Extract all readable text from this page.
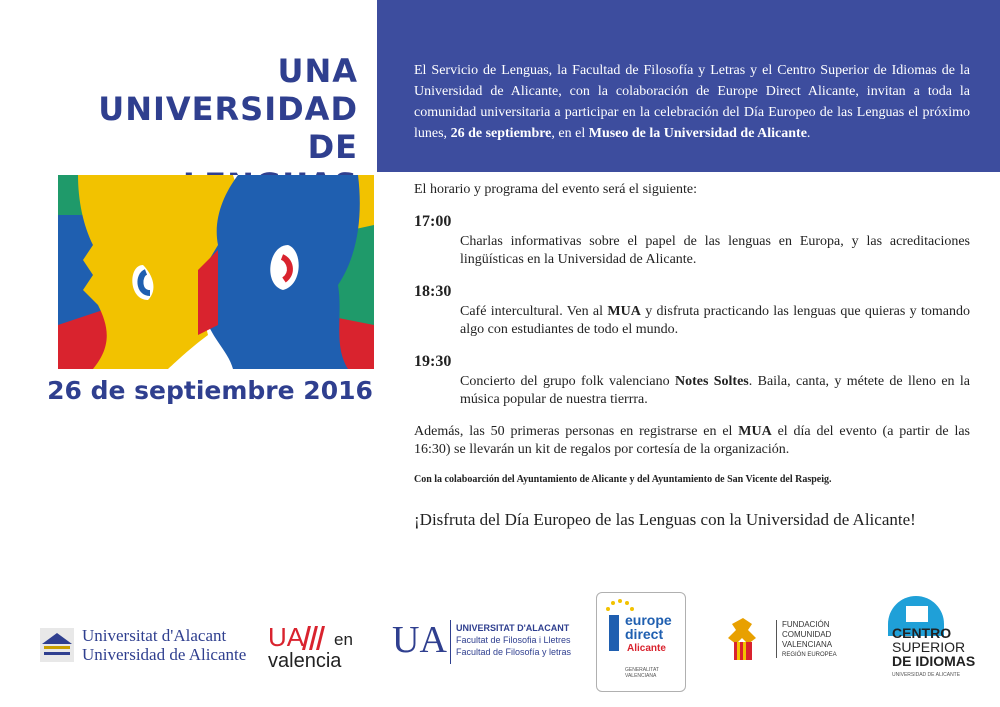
El Servicio de Lenguas, la Facultad de Filosofía y Letras y el Centro Superior de Idiomas de la Universidad de Alicante, con la colaboración de Europe Direct Alicante, invitan a toda la comunidad universitaria a participar en la celebración del Día Europeo de las Lenguas el próximo lunes, 26 de septiembre, en el Museo de la Universidad de Alicante.
UNA
UNIVERSIDAD DE
26 de septiembre 2016
El horario y programa del evento será el siguiente:
17:00
Charlas informativas sobre el papel de las lenguas en Europa, y las acreditaciones lingüísticas en la Universidad de Alicante.
18:30
Café intercultural. Ven al MUA y disfruta practicando las lenguas que quieras y tomando algo con estudiantes de todo el mundo.
19:30
Concierto del grupo folk valenciano Notes Soltes. Baila, canta, y métete de lleno en la música popular de nuestra tierrra.
Además, las 50 primeras personas en registrarse en el MUA el día del evento (a partir de las 16:30) se llevarán un kit de regalos por cortesía de la organización.
Con la colaboarción del Ayuntamiento de Alicante y del Ayuntamiento de San Vicente del Raspeig.
¡Disfruta del Día Europeo de las Lenguas con la Universidad de Alicante!
Universitat d'Alacant
Universidad de Alicante
UA en
valencia UA UNIVERSITAT D'ALACANT
Facultat de Filosofia i Lletres
Facultad de Filosofía y letras
europe
direct
Alicante
GENERALITAT
VALENCIANA
FUNDACIÓN
COMUNIDAD
VALENCIANA
REGIÓN EUROPEA
CENTRO
SUPERIOR
DE IDIOMAS
UNIVERSIDAD DE ALICANTE
